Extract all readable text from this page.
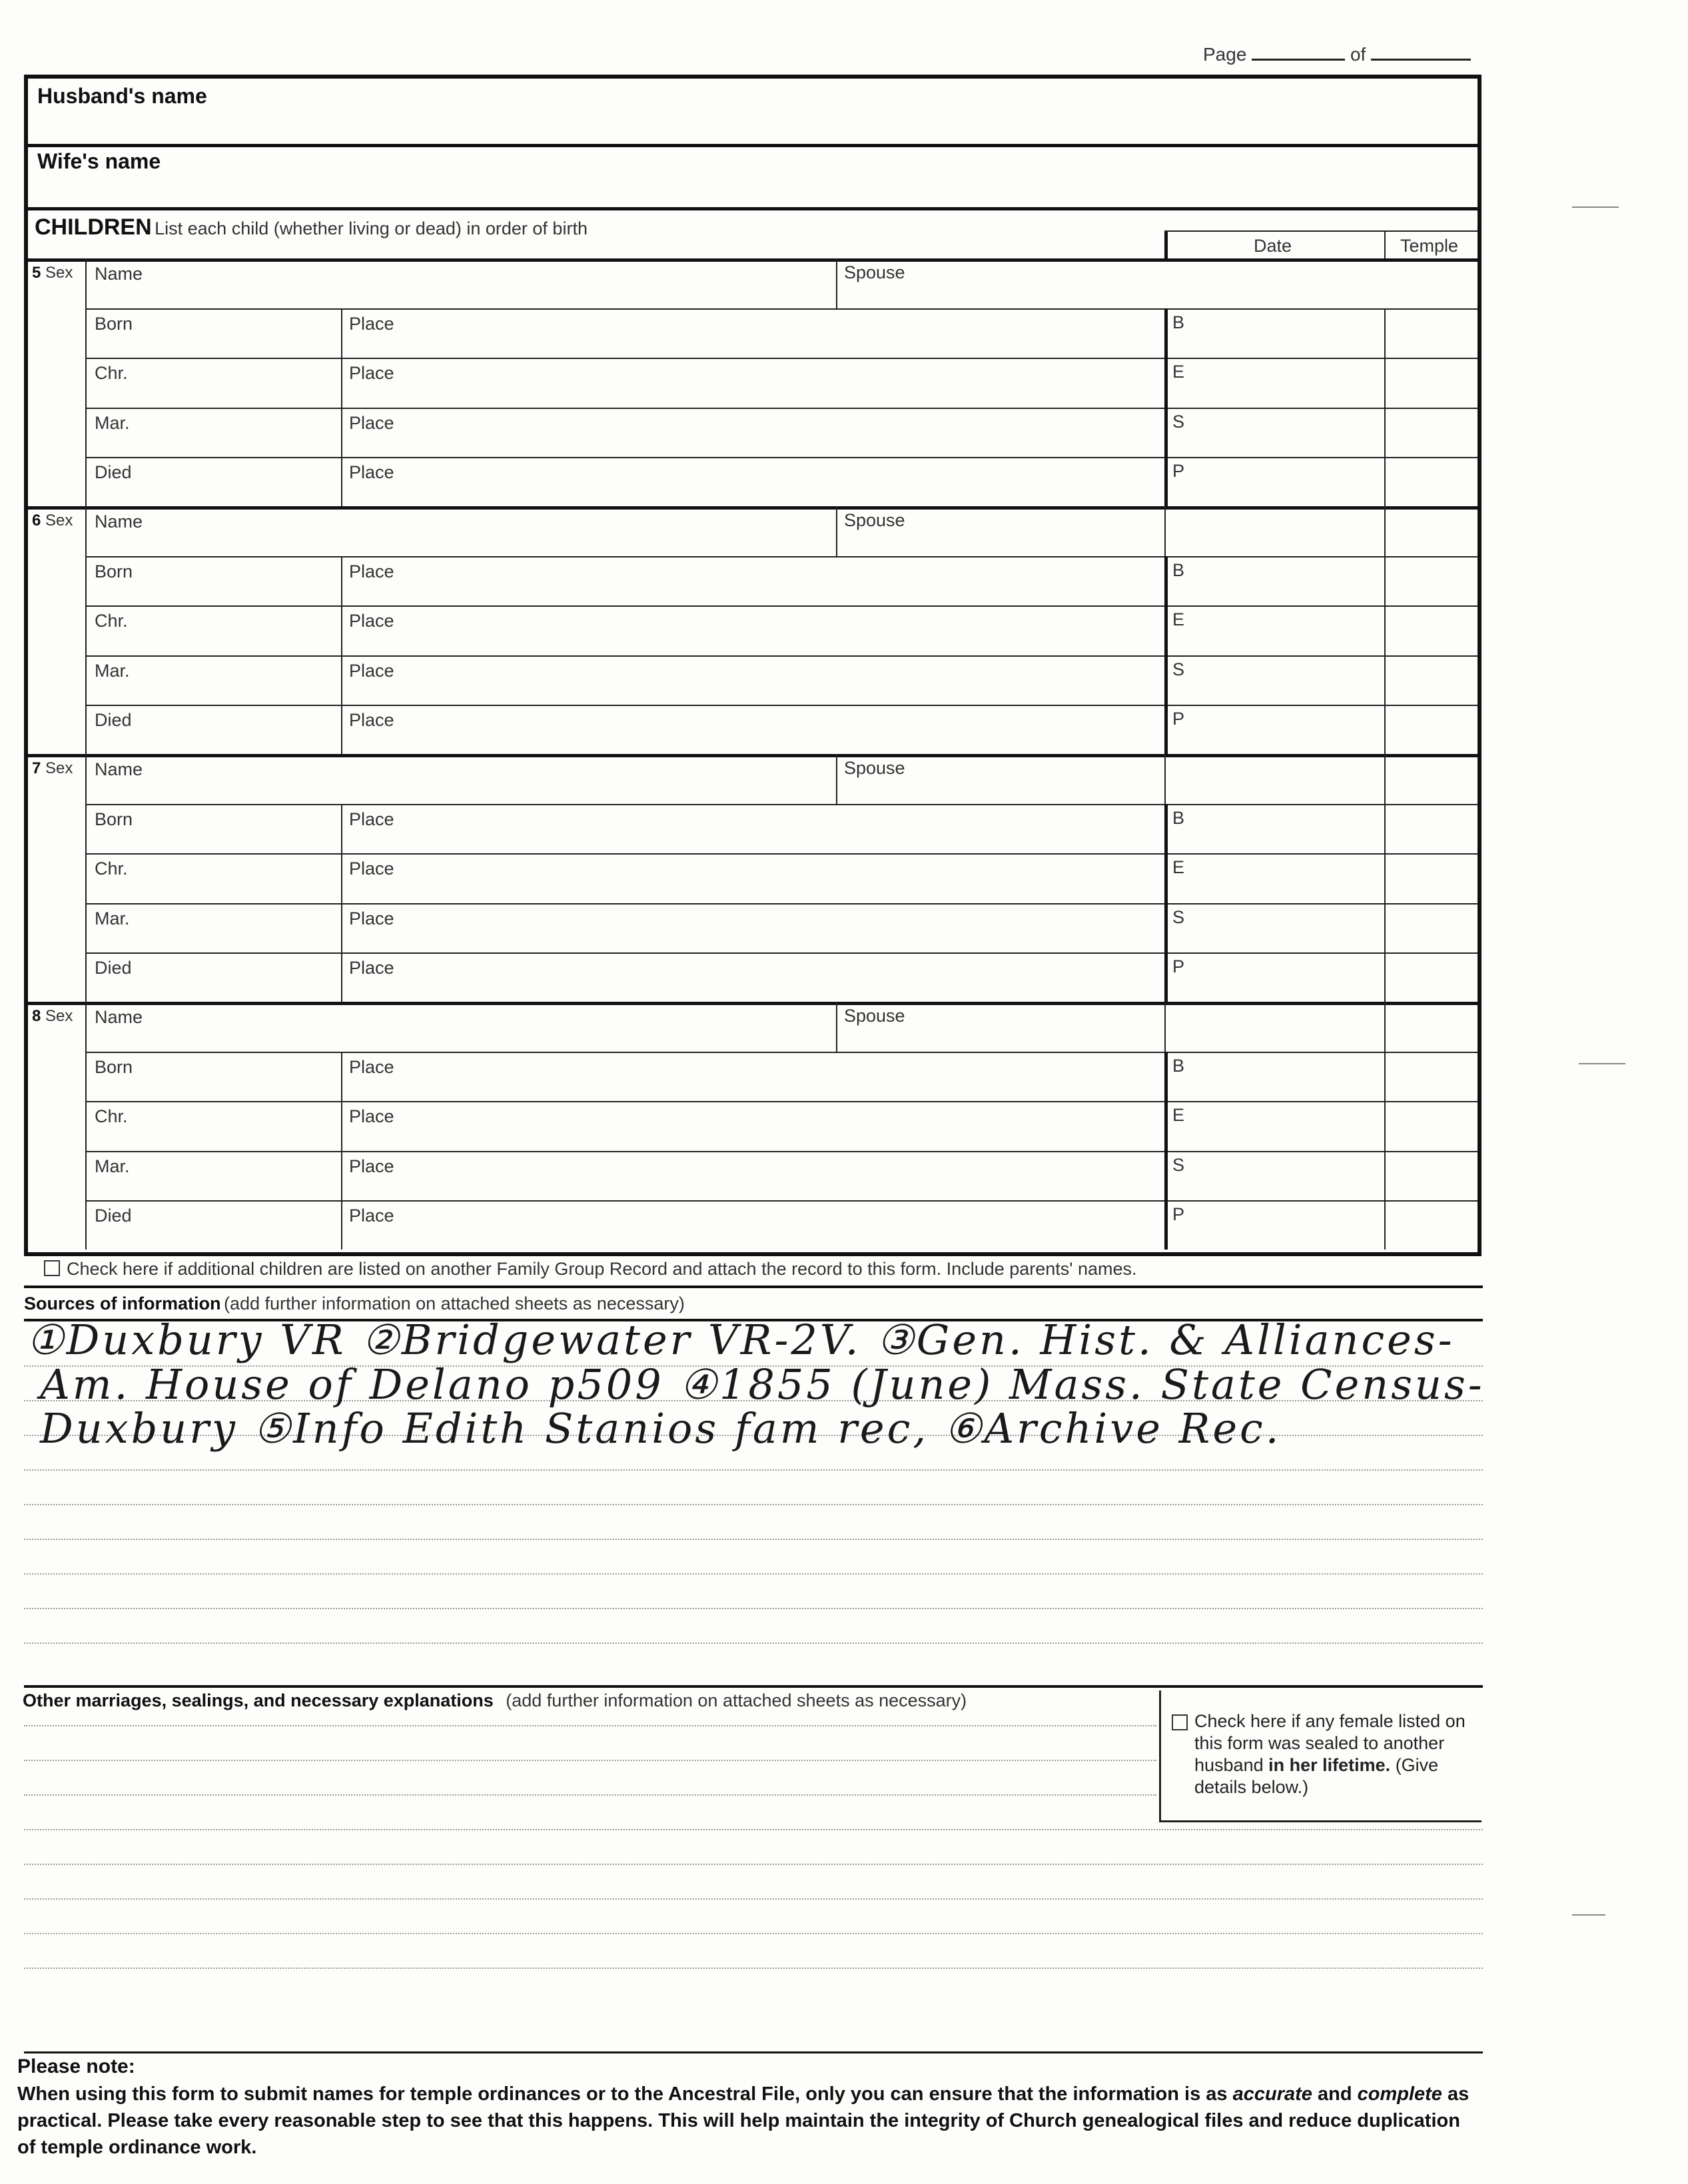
Page	of
Husband's name
Wife's name
CHILDREN List each child (whether living or dead) in order of birth
Date	Temple
5 Sex Name	Spouse
Born	Place	B
Chr.	Place	E
Mar.	Place	S
Died	Place	P
6 Sex Name	Spouse
Born	Place	B
Chr.	Place	E
Mar.	Place	S
Died	Place	P
7 Sex Name	Spouse
Born	Place	B
Chr.	Place	E
Mar.	Place	S
Died	Place	P
8 Sex Name	Spouse
Born	Place	B
Chr.	Place	E
Mar.	Place	S
Died	Place	P
Check here if additional children are listed on another Family Group Record and attach the record to this form. Include parents' names.
Sources of information (add further information on attached sheets as necessary)
①Duxbury VR ②Bridgewater VR-2V. ③Gen. Hist. & Alliances-
Am. House of Delano p509 ④1855 (June) Mass. State Census-
Duxbury ⑤Info Edith Stanios fam rec, ⑥Archive Rec.
Other marriages, sealings, and necessary explanations (add further information on attached sheets as necessary)
Check here if any female listed on this form was sealed to another husband in her lifetime. (Give details below.)
Please note:
When using this form to submit names for temple ordinances or to the Ancestral File, only you can ensure that the information is as accurate and complete as practical. Please take every reasonable step to see that this happens. This will help maintain the integrity of Church genealogical files and reduce duplication of temple ordinance work.
